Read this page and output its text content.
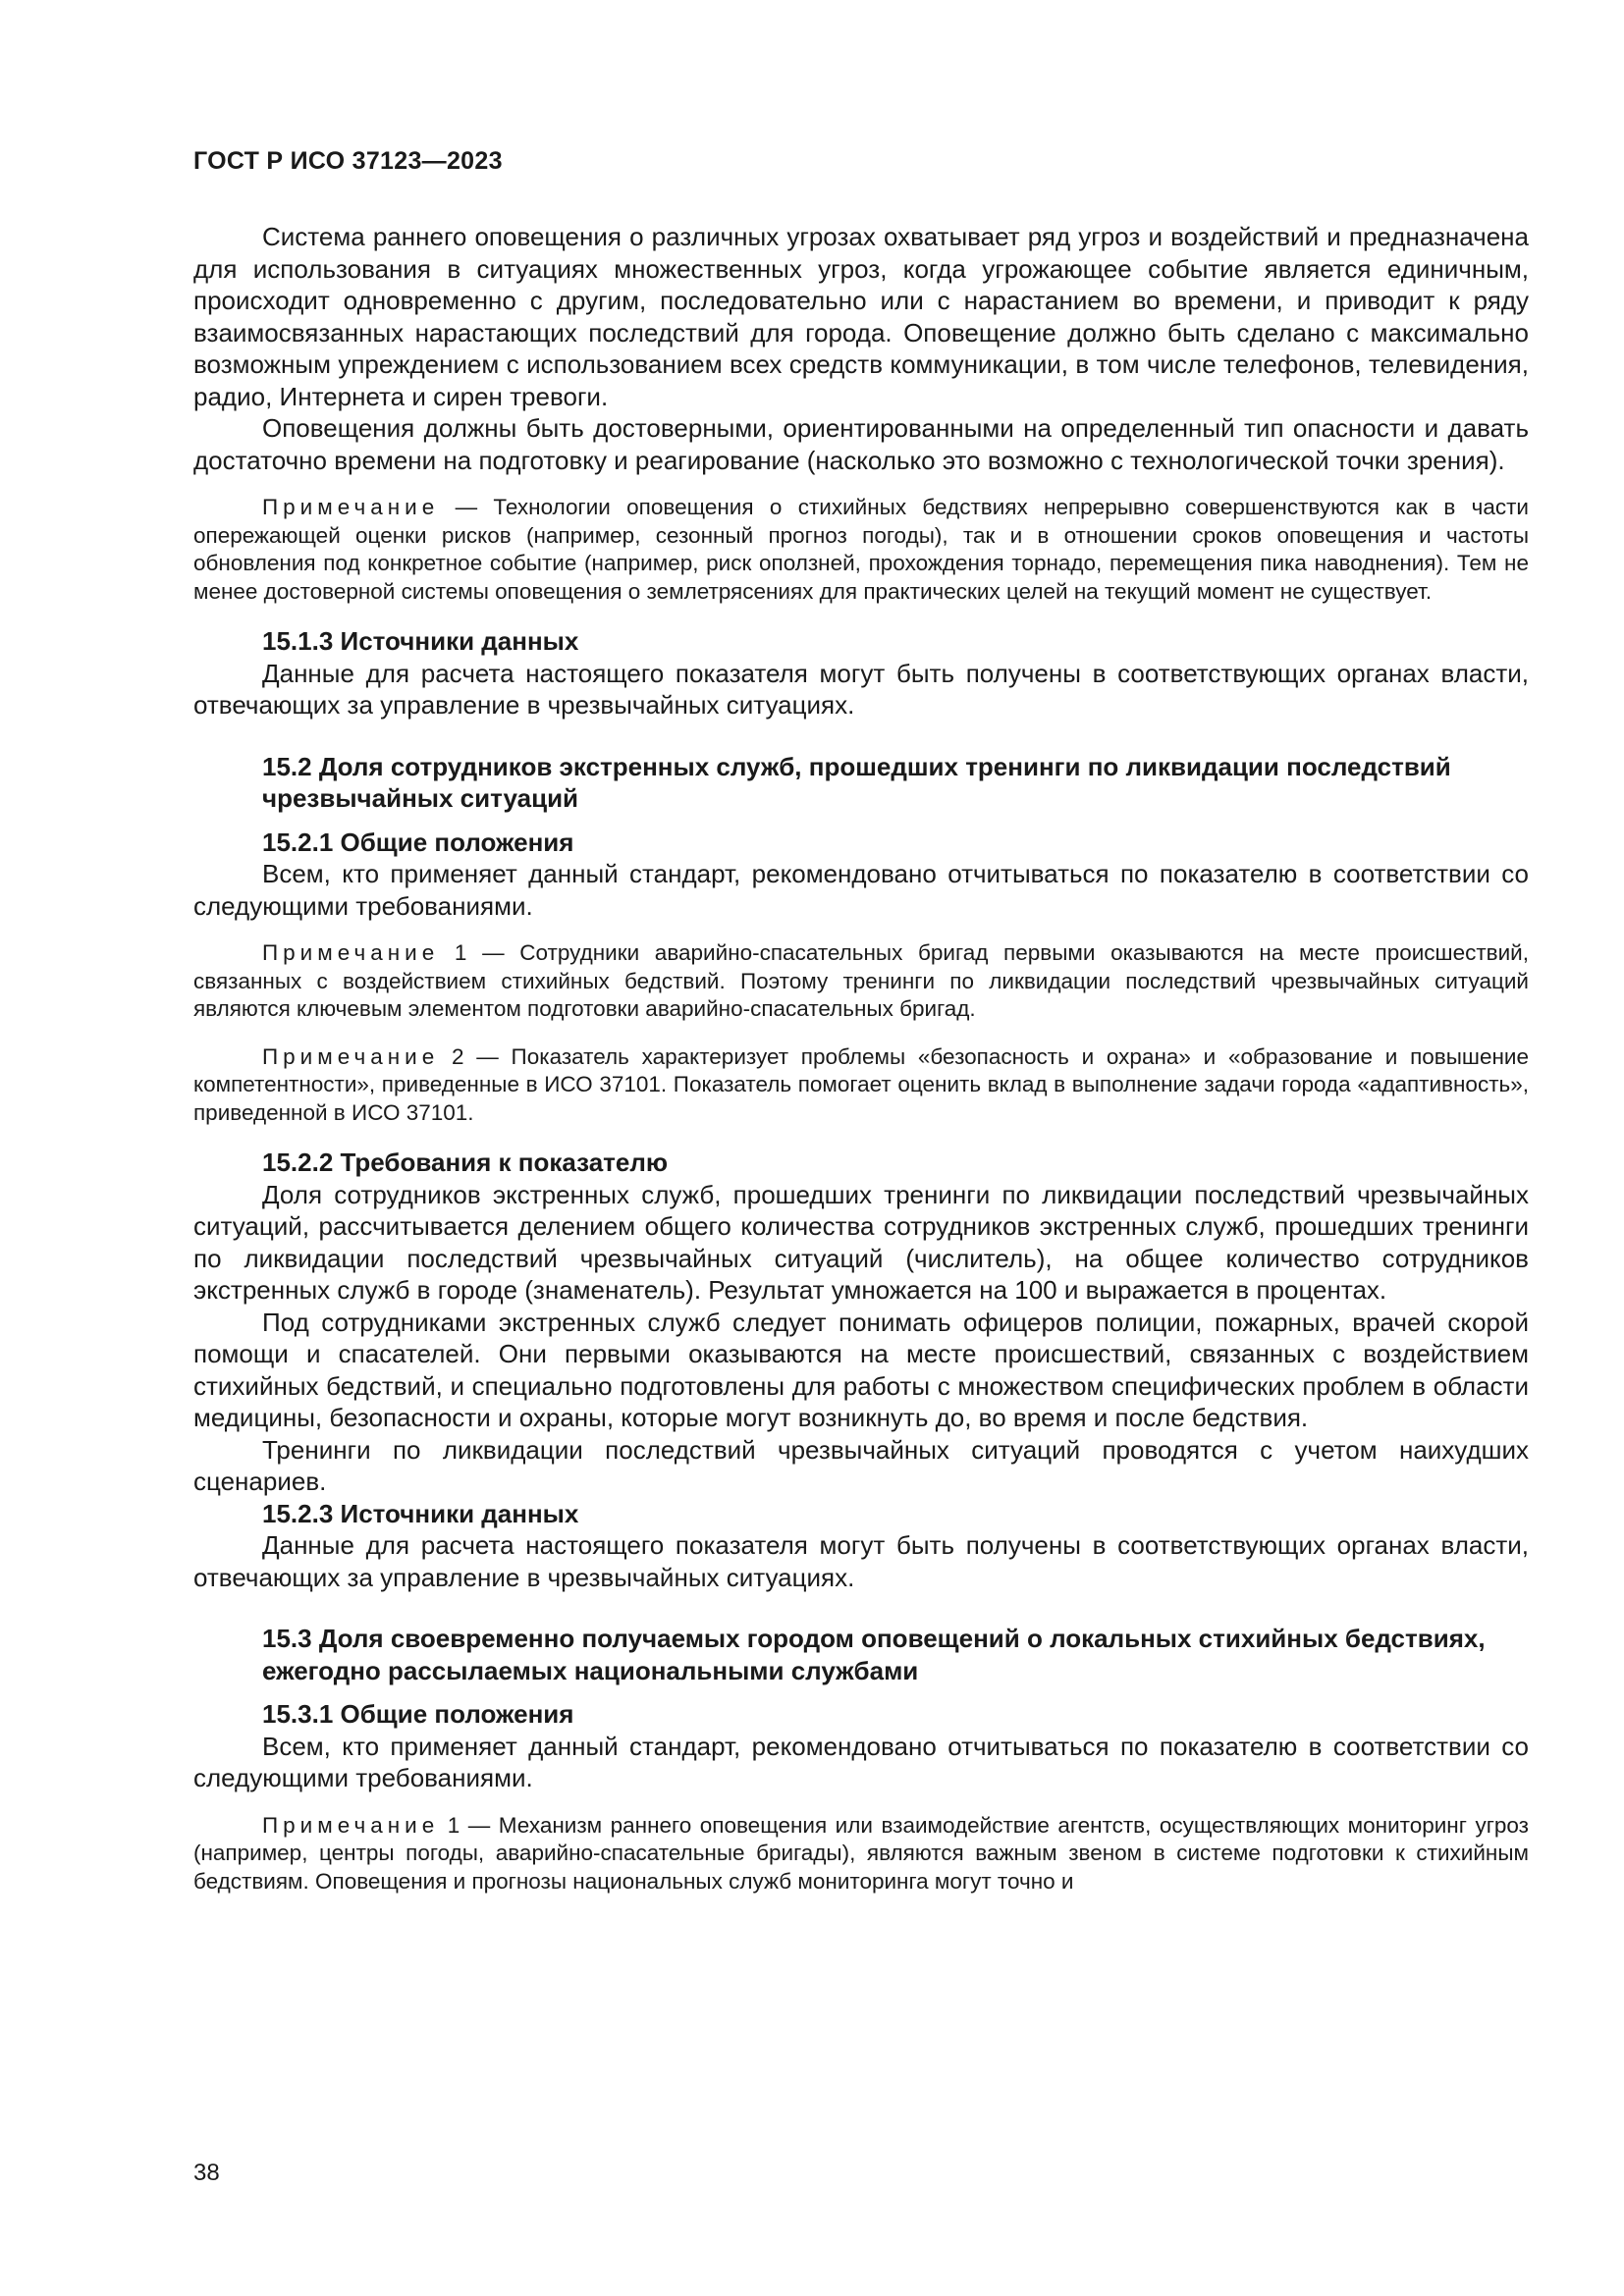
ГОСТ Р ИСО 37123—2023

Система раннего оповещения о различных угрозах охватывает ряд угроз и воздействий и предназначена для использования в ситуациях множественных угроз, когда угрожающее событие является единичным, происходит одновременно с другим, последовательно или с нарастанием во времени, и приводит к ряду взаимосвязанных нарастающих последствий для города. Оповещение должно быть сделано с максимально возможным упреждением с использованием всех средств коммуникации, в том числе телефонов, телевидения, радио, Интернета и сирен тревоги.

Оповещения должны быть достоверными, ориентированными на определенный тип опасности и давать достаточно времени на подготовку и реагирование (насколько это возможно с технологической точки зрения).

Примечание — Технологии оповещения о стихийных бедствиях непрерывно совершенствуются как в части опережающей оценки рисков (например, сезонный прогноз погоды), так и в отношении сроков оповещения и частоты обновления под конкретное событие (например, риск оползней, прохождения торнадо, перемещения пика наводнения). Тем не менее достоверной системы оповещения о землетрясениях для практических целей на текущий момент не существует.

15.1.3 Источники данных

Данные для расчета настоящего показателя могут быть получены в соответствующих органах власти, отвечающих за управление в чрезвычайных ситуациях.

15.2 Доля сотрудников экстренных служб, прошедших тренинги по ликвидации последствий чрезвычайных ситуаций

15.2.1 Общие положения

Всем, кто применяет данный стандарт, рекомендовано отчитываться по показателю в соответствии со следующими требованиями.

Примечание 1 — Сотрудники аварийно-спасательных бригад первыми оказываются на месте происшествий, связанных с воздействием стихийных бедствий. Поэтому тренинги по ликвидации последствий чрезвычайных ситуаций являются ключевым элементом подготовки аварийно-спасательных бригад.

Примечание 2 — Показатель характеризует проблемы «безопасность и охрана» и «образование и повышение компетентности», приведенные в ИСО 37101. Показатель помогает оценить вклад в выполнение задачи города «адаптивность», приведенной в ИСО 37101.

15.2.2 Требования к показателю

Доля сотрудников экстренных служб, прошедших тренинги по ликвидации последствий чрезвычайных ситуаций, рассчитывается делением общего количества сотрудников экстренных служб, прошедших тренинги по ликвидации последствий чрезвычайных ситуаций (числитель), на общее количество сотрудников экстренных служб в городе (знаменатель). Результат умножается на 100 и выражается в процентах.

Под сотрудниками экстренных служб следует понимать офицеров полиции, пожарных, врачей скорой помощи и спасателей. Они первыми оказываются на месте происшествий, связанных с воздействием стихийных бедствий, и специально подготовлены для работы с множеством специфических проблем в области медицины, безопасности и охраны, которые могут возникнуть до, во время и после бедствия.

Тренинги по ликвидации последствий чрезвычайных ситуаций проводятся с учетом наихудших сценариев.

15.2.3 Источники данных

Данные для расчета настоящего показателя могут быть получены в соответствующих органах власти, отвечающих за управление в чрезвычайных ситуациях.

15.3 Доля своевременно получаемых городом оповещений о локальных стихийных бедствиях, ежегодно рассылаемых национальными службами

15.3.1 Общие положения

Всем, кто применяет данный стандарт, рекомендовано отчитываться по показателю в соответствии со следующими требованиями.

Примечание 1 — Механизм раннего оповещения или взаимодействие агентств, осуществляющих мониторинг угроз (например, центры погоды, аварийно-спасательные бригады), являются важным звеном в системе подготовки к стихийным бедствиям. Оповещения и прогнозы национальных служб мониторинга могут точно и

38
